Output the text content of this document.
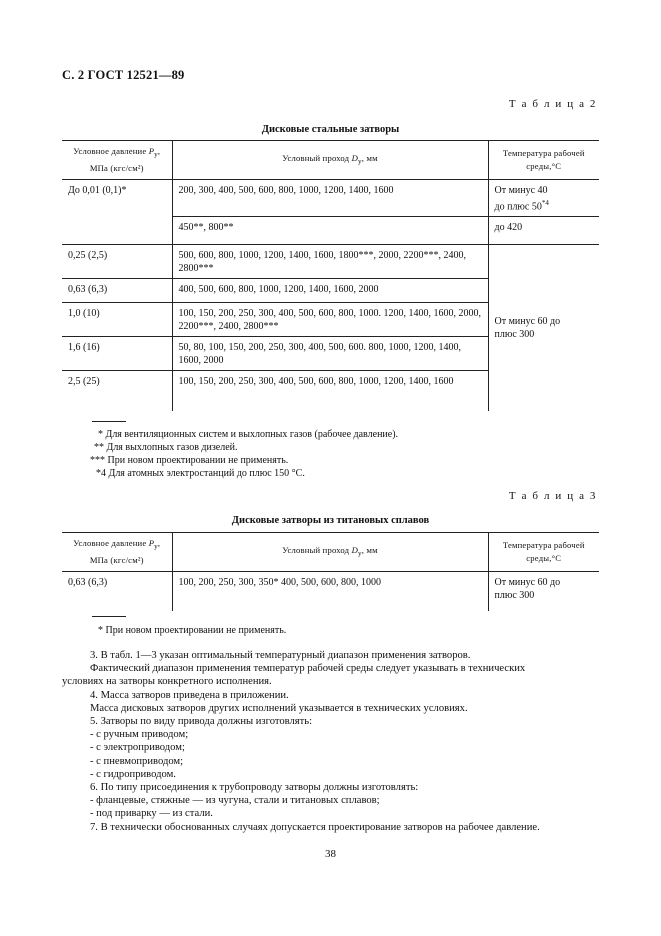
С. 2 ГОСТ 12521—89
Т а б л и ц а 2
Дисковые стальные затворы
Условное давление $P_у$,
МПа (кгс/см²)	Условный проход $D_у$, мм	Температура рабочей
среды,°С
До 0,01 (0,1)*	200, 300, 400, 500, 600, 800, 1000, 1200, 1400, 1600	От минус 40
до плюс 50$^{*4}$
	450**, 800**	до 420
0,25 (2,5)	500, 600, 800, 1000, 1200, 1400, 1600, 1800***, 2000, 2200***, 2400, 2800***	От минус 60 до плюс 300

0,63 (6,3)	400, 500, 600, 800, 1000, 1200, 1400, 1600, 2000	
1,0 (10)	100, 150, 200, 250, 300, 400, 500, 600, 800, 1000. 1200, 1400, 1600, 2000, 2200***, 2400, 2800***	
1,6 (16)	50, 80, 100, 150, 200, 250, 300, 400, 500, 600. 800, 1000, 1200, 1400, 1600, 2000	
2,5 (25)	100, 150, 200, 250, 300, 400, 500, 600, 800, 1000, 1200, 1400, 1600	
* Для вентиляционных систем и выхлопных газов (рабочее давление).
** Для выхлопных газов дизелей.
*** При новом проектировании не применять.
*4 Для атомных электростанций до плюс 150 °С.
Т а б л и ц а 3
Дисковые затворы из титановых сплавов
Условное давление $P_у$,
МПа (кгс/см²)	Условный проход $D_у$, мм	Температура рабочей
среды,°С
0,63 (6,3)	100, 200, 250, 300, 350* 400, 500, 600, 800, 1000	От минус 60 до плюс 300
* При новом проектировании не применять.
3. В табл. 1—3 указан оптимальный температурный диапазон применения затворов.
Фактический диапазон применения температур рабочей среды следует указывать в технических
условиях на затворы конкретного исполнения.
4. Масса затворов приведена в приложении.
Масса дисковых затворов других исполнений указывается в технических условиях.
5. Затворы по виду привода должны изготовлять:
- с ручным приводом;
- с электроприводом;
- с пневмоприводом;
- с гидроприводом.
6. По типу присоединения к трубопроводу затворы должны изготовлять:
- фланцевые, стяжные — из чугуна, стали и титановых сплавов;
- под приварку — из стали.
7. В технически обоснованных случаях допускается проектирование затворов на рабочее давление.
38
